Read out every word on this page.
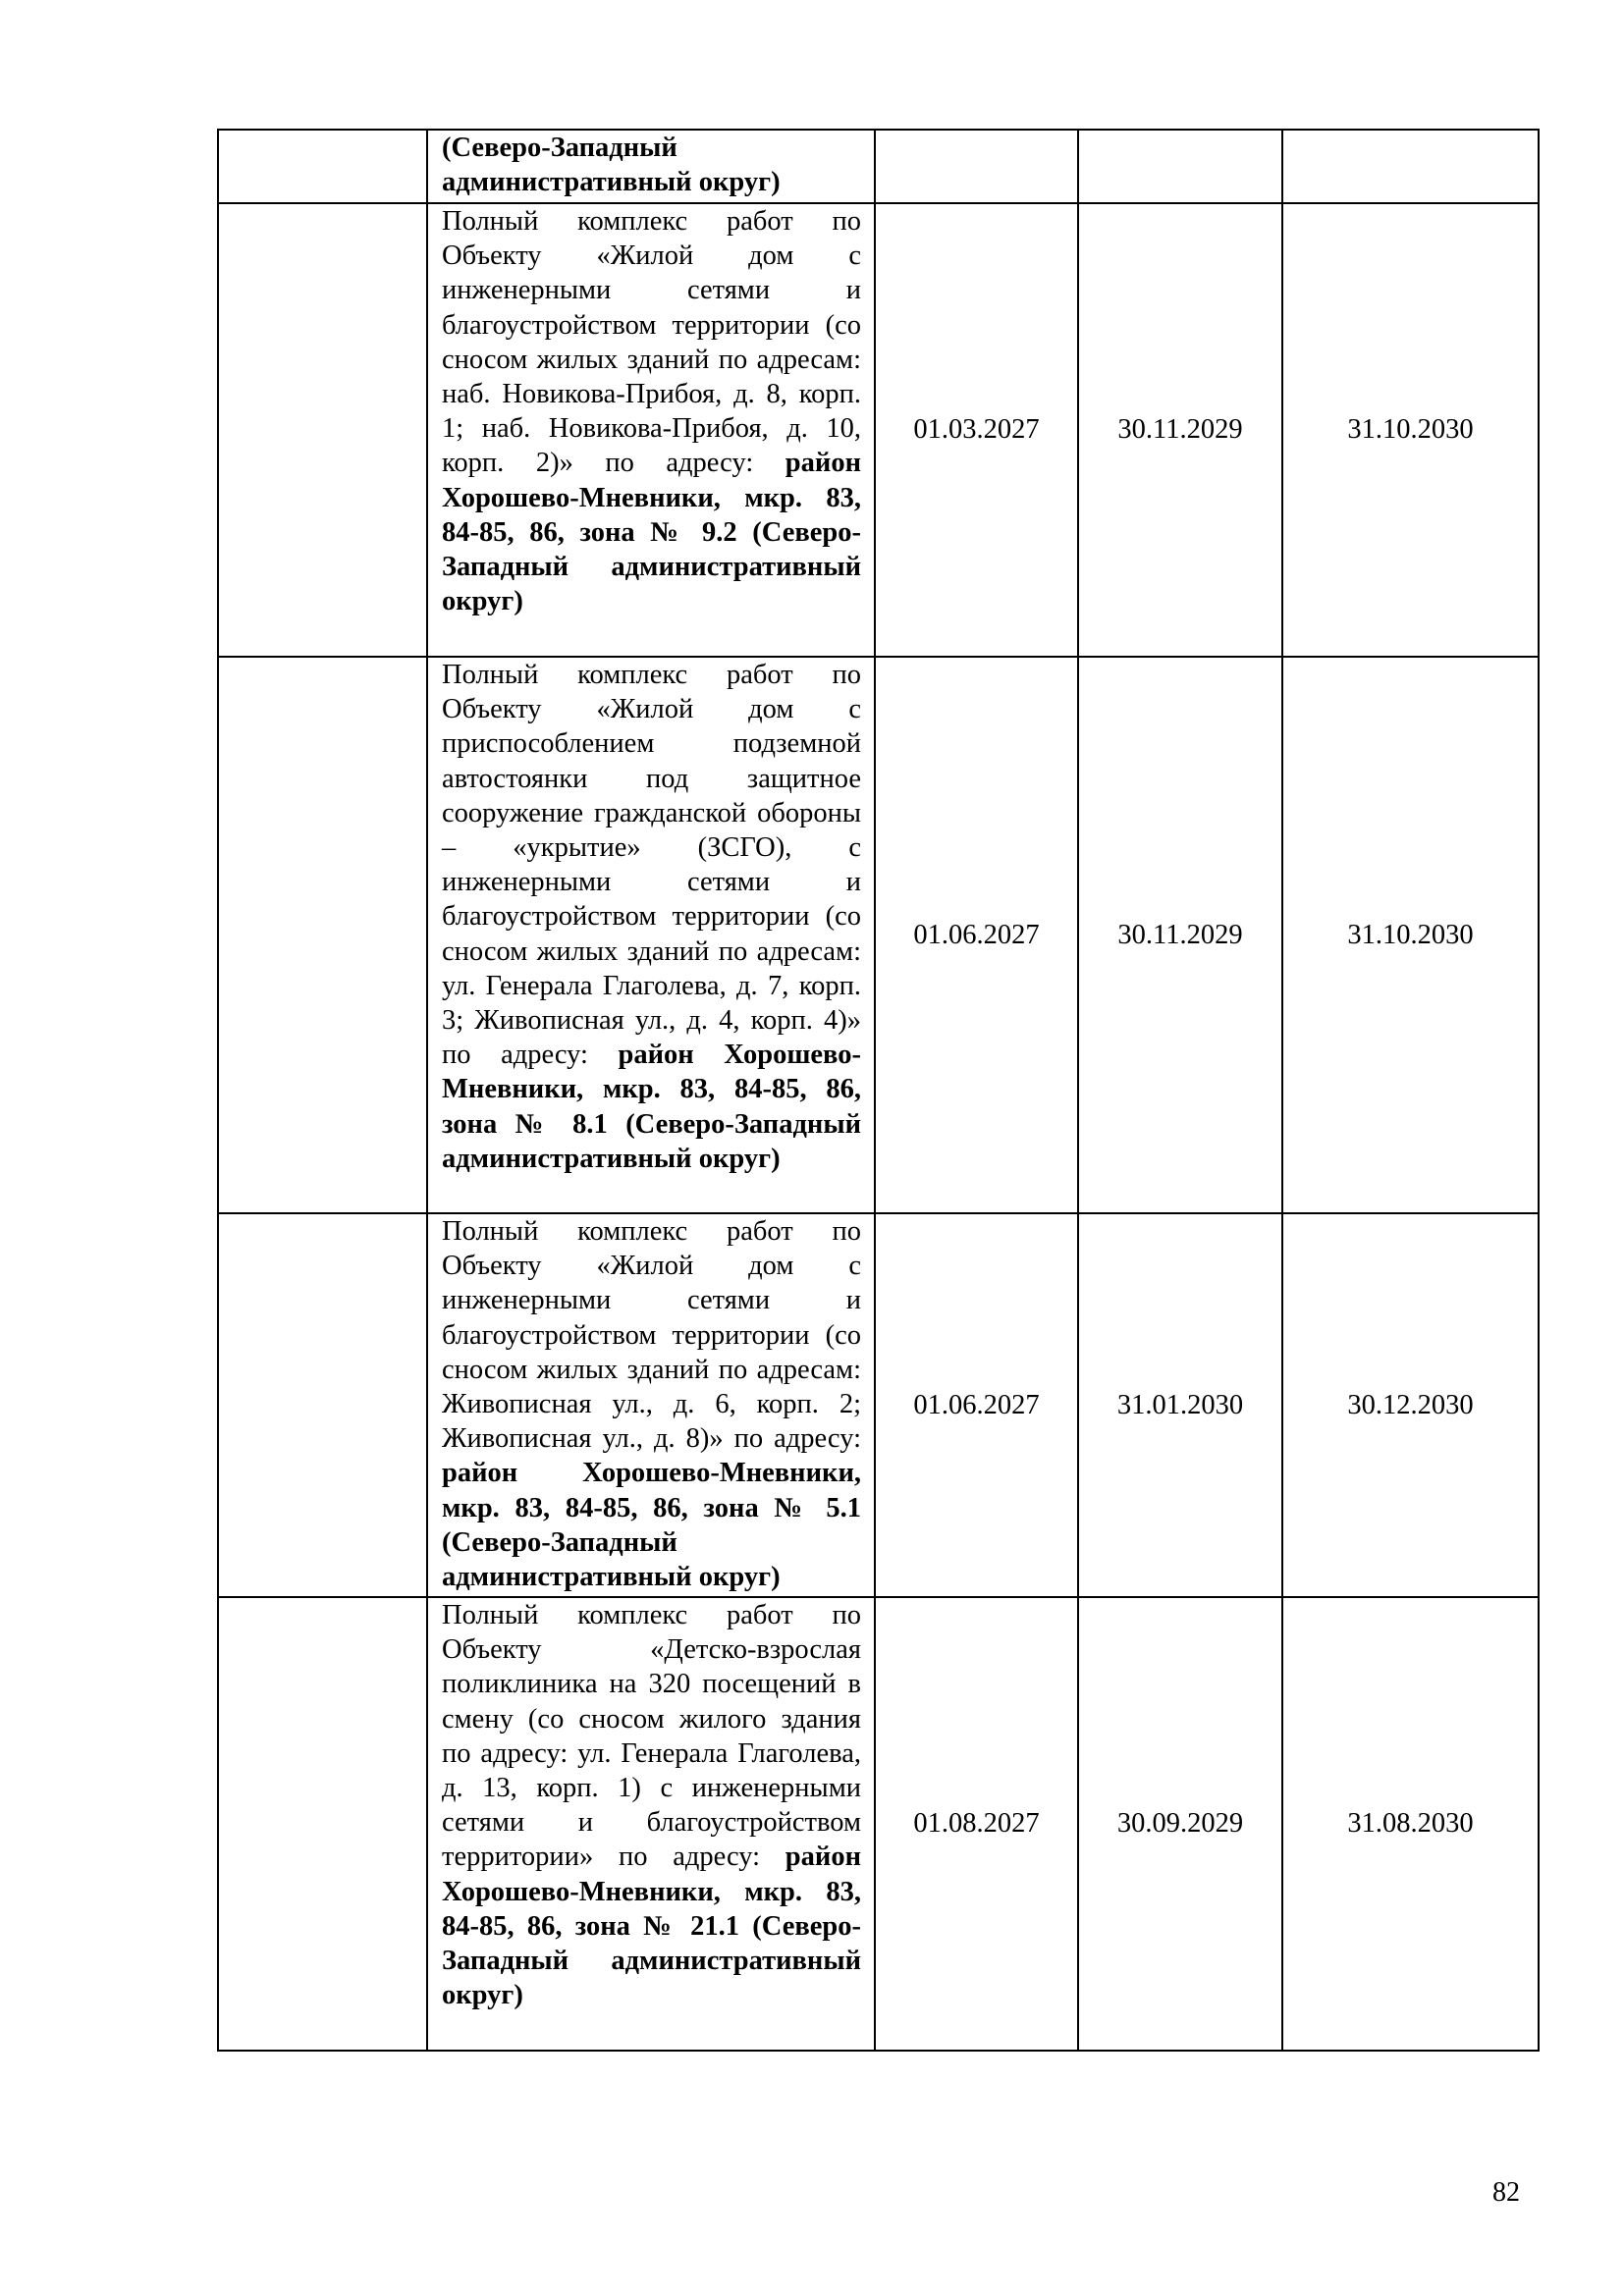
	(Северо-Западный административный округ)			
	Полный комплекс работ по Объекту «Жилой дом с инженерными сетями и благоустройством территории (со сносом жилых зданий по адресам: наб. Новикова-Прибоя, д. 8, корп. 1; наб. Новикова-Прибоя, д. 10, корп. 2)» по адресу: район Хорошево-Мневники, мкр. 83, 84-85, 86, зона № 9.2 (Северо-Западный административный округ)	01.03.2027	30.11.2029	31.10.2030
	Полный комплекс работ по Объекту «Жилой дом с приспособлением подземной автостоянки под защитное сооружение гражданской обороны – «укрытие» (ЗСГО), с инженерными сетями и благоустройством территории (со сносом жилых зданий по адресам: ул. Генерала Глаголева, д. 7, корп. 3; Живописная ул., д. 4, корп. 4)» по адресу: район Хорошево-Мневники, мкр. 83, 84-85, 86, зона № 8.1 (Северо-Западный административный округ)	01.06.2027	30.11.2029	31.10.2030
	Полный комплекс работ по Объекту «Жилой дом с инженерными сетями и благоустройством территории (со сносом жилых зданий по адресам: Живописная ул., д. 6, корп. 2; Живописная ул., д. 8)» по адресу: район Хорошево-Мневники, мкр. 83, 84-85, 86, зона № 5.1 (Северо-Западный административный округ)	01.06.2027	31.01.2030	30.12.2030
	Полный комплекс работ по Объекту «Детско-взрослая поликлиника на 320 посещений в смену (со сносом жилого здания по адресу: ул. Генерала Глаголева, д. 13, корп. 1) с инженерными сетями и благоустройством территории» по адресу: район Хорошево-Мневники, мкр. 83, 84-85, 86, зона № 21.1 (Северо-Западный административный округ)	01.08.2027	30.09.2029	31.08.2030
82
